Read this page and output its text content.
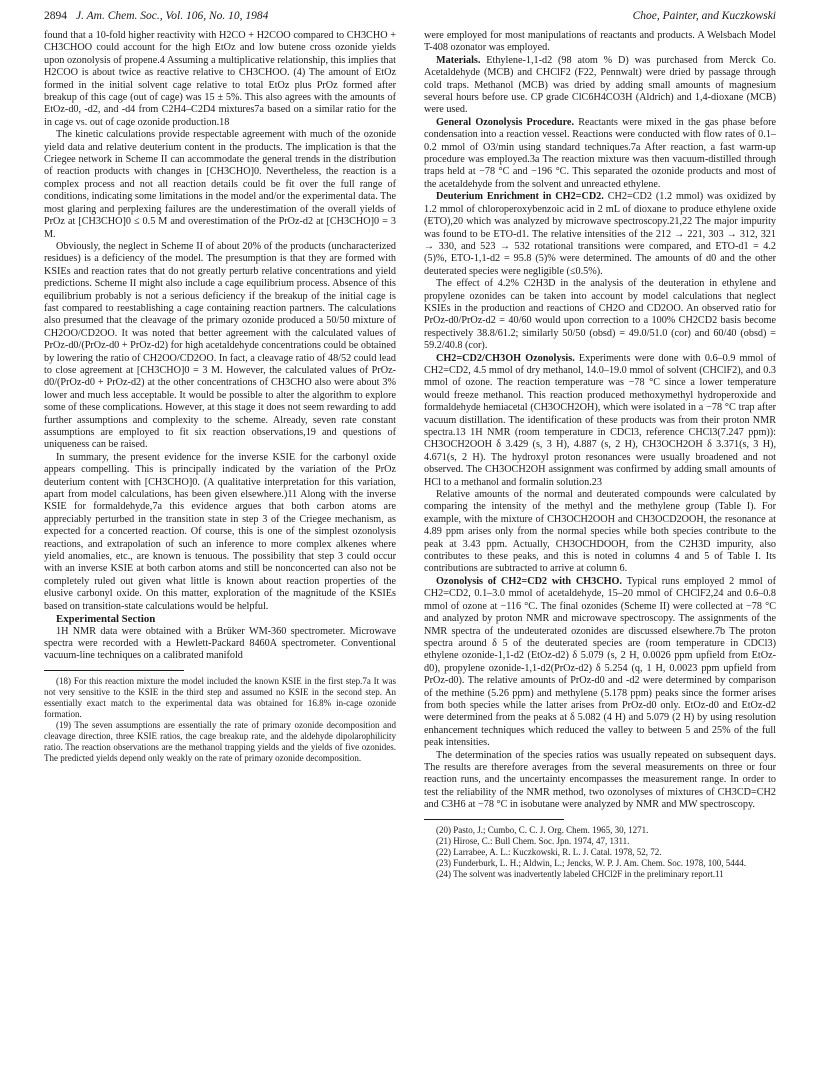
2894 J. Am. Chem. Soc., Vol. 106, No. 10, 1984	Choe, Painter, and Kuczkowski

found that a 10-fold higher reactivity with H2CO + H2COO compared to CH3CHO + CH3CHOO could account for the high EtOz and low butene cross ozonide yields upon ozonolysis of propene.4 Assuming a multiplicative relationship, this implies that H2COO is about twice as reactive relative to CH3CHOO. (4) The amount of EtOz formed in the initial solvent cage relative to total EtOz plus PrOz formed after breakup of this cage (out of cage) was 15 ± 5%. This also agrees with the amounts of EtOz-d0, -d2, and -d4 from C2H4–C2D4 mixtures7a based on a similar ratio for the in cage vs. out of cage ozonide production.18

The kinetic calculations provide respectable agreement with much of the ozonide yield data and relative deuterium content in the products. The implication is that the Criegee network in Scheme II can accommodate the general trends in the distribution of reaction products with changes in [CH3CHO]0. Nevertheless, the reaction is a complex process and not all reaction details could be fit over the full range of conditions, indicating some limitations in the model and/or the experimental data. The most glaring and perplexing failures are the underestimation of the overall yields of PrOz at [CH3CHO]0 ≤ 0.5 M and overestimation of the PrOz-d2 at [CH3CHO]0 = 3 M.

Obviously, the neglect in Scheme II of about 20% of the products (uncharacterized residues) is a deficiency of the model. The presumption is that they are formed with KSIEs and reaction rates that do not greatly perturb relative concentrations and yield predictions. Scheme II might also include a cage equilibrium process. Absence of this equilibrium probably is not a serious deficiency if the breakup of the initial cage is fast compared to reestablishing a cage containing reaction partners. The calculations also presumed that the cleavage of the primary ozonide produced a 50/50 mixture of CH2OO/CD2OO. It was noted that better agreement with the calculated values of PrOz-d0/(PrOz-d0 + PrOz-d2) for high acetaldehyde concentrations could be obtained by lowering the ratio of CH2OO/CD2OO. In fact, a cleavage ratio of 48/52 could lead to close agreement at [CH3CHO]0 = 3 M. However, the calculated values of PrOz-d0/(PrOz-d0 + PrOz-d2) at the other concentrations of CH3CHO also were about 3% lower and much less acceptable. It would be possible to alter the algorithm to explore some of these complications. However, at this stage it does not seem rewarding to add further assumptions and complexity to the scheme. Already, seven rate constant assumptions are employed to fit six reaction observations,19 and questions of uniqueness can be raised.

In summary, the present evidence for the inverse KSIE for the carbonyl oxide appears compelling. This is principally indicated by the variation of the PrOz deuterium content with [CH3CHO]0. (A qualitative interpretation for this variation, apart from model calculations, has been given elsewhere.)11 Along with the inverse KSIE for formaldehyde,7a this evidence argues that both carbon atoms are appreciably perturbed in the transition state in step 3 of the Criegee mechanism, as expected for a concerted reaction. Of course, this is one of the simplest ozonolysis reactions, and extrapolation of such an inference to more complex alkenes where yield anomalies, etc., are known is tenuous. The possibility that step 3 could occur with an inverse KSIE at both carbon atoms and still be nonconcerted can also not be completely ruled out given what little is known about reaction properties of the elusive carbonyl oxide. On this matter, exploration of the magnitude of the KSIEs based on transition-state calculations would be helpful.

Experimental Section

1H NMR data were obtained with a Brüker WM-360 spectrometer. Microwave spectra were recorded with a Hewlett-Packard 8460A spectrometer. Conventional vacuum-line techniques on a calibrated manifold

(18) For this reaction mixture the model included the known KSIE in the first step.7a It was not very sensitive to the KSIE in the third step and assumed no KSIE in the second step. An essentially exact match to the experimental data was obtained for 16.8% in-cage ozonide formation.

(19) The seven assumptions are essentially the rate of primary ozonide decomposition and cleavage direction, three KSIE ratios, the cage breakup rate, and the aldehyde dipolarophilicity ratio. The reaction observations are the methanol trapping yields and the yields of five ozonides. The predicted yields depend only weakly on the rate of primary ozonide decomposition.

were employed for most manipulations of reactants and products. A Welsbach Model T-408 ozonator was employed.

Materials. Ethylene-1,1-d2 (98 atom % D) was purchased from Merck Co. Acetaldehyde (MCB) and CHClF2 (F22, Pennwalt) were dried by passage through cold traps. Methanol (MCB) was dried by adding small amounts of magnesium several hours before use. CP grade ClC6H4CO3H (Aldrich) and 1,4-dioxane (MCB) were used.

General Ozonolysis Procedure. Reactants were mixed in the gas phase before condensation into a reaction vessel. Reactions were conducted with flow rates of 0.1–0.2 mmol of O3/min using standard techniques.7a After reaction, a fast warm-up procedure was employed.3a The reaction mixture was then vacuum-distilled through traps held at −78 °C and −196 °C. This separated the ozonide products and most of the acetaldehyde from the solvent and unreacted ethylene.

Deuterium Enrichment in CH2=CD2. CH2=CD2 (1.2 mmol) was oxidized by 1.2 mmol of chloroperoxybenzoic acid in 2 mL of dioxane to produce ethylene oxide (ETO),20 which was analyzed by microwave spectroscopy.21,22 The major impurity was found to be ETO-d1. The relative intensities of the 212 → 221, 303 → 312, 321 → 330, and 523 → 532 rotational transitions were compared, and ETO-d1 = 4.2 (5)%, ETO-1,1-d2 = 95.8 (5)% were determined. The amounts of d0 and the other deuterated species were negligible (≤0.5%).

The effect of 4.2% C2H3D in the analysis of the deuteration in ethylene and propylene ozonides can be taken into account by model calculations that neglect KSIEs in the production and reactions of CH2O and CD2OO. An observed ratio for PrOz-d0/PrOz-d2 = 40/60 would upon correction to a 100% CH2CD2 basis become respectively 38.8/61.2; similarly 50/50 (obsd) = 49.0/51.0 (cor) and 60/40 (obsd) = 59.2/40.8 (cor).

CH2=CD2/CH3OH Ozonolysis. Experiments were done with 0.6–0.9 mmol of CH2=CD2, 4.5 mmol of dry methanol, 14.0–19.0 mmol of solvent (CHClF2), and 0.3 mmol of ozone. The reaction temperature was −78 °C since a lower temperature would freeze methanol. This reaction produced methoxymethyl hydroperoxide and formaldehyde hemiacetal (CH3OCH2OH), which were isolated in a −78 °C trap after vacuum distillation. The identification of these products was from their proton NMR spectra.13 1H NMR (room temperature in CDCl3, reference CHCl3(7.247 ppm)): CH3OCH2OOH δ 3.429 (s, 3 H), 4.887 (s, 2 H), CH3OCH2OH δ 3.371(s, 3 H), 4.671(s, 2 H). The hydroxyl proton resonances were usually broadened and not observed. The CH3OCH2OH assignment was confirmed by adding small amounts of HCl to a methanol and formalin solution.23

Relative amounts of the normal and deuterated compounds were calculated by comparing the intensity of the methyl and the methylene group (Table I). For example, with the mixture of CH3OCH2OOH and CH3OCD2OOH, the resonance at 4.89 ppm arises only from the normal species while both species contribute to the peak at 3.43 ppm. Actually, CH3OCHDOOH, from the C2H3D impurity, also contributes to these peaks, and this is noted in columns 4 and 5 of Table I. Its contributions are subtracted to arrive at column 6.

Ozonolysis of CH2=CD2 with CH3CHO. Typical runs employed 2 mmol of CH2=CD2, 0.1–3.0 mmol of acetaldehyde, 15–20 mmol of CHClF2,24 and 0.6–0.8 mmol of ozone at −116 °C. The final ozonides (Scheme II) were collected at −78 °C and analyzed by proton NMR and microwave spectroscopy. The assignments of the NMR spectra of the undeuterated ozonides are discussed elsewhere.7b The proton spectra around δ 5 of the deuterated species are (room temperature in CDCl3) ethylene ozonide-1,1-d2 (EtOz-d2) δ 5.079 (s, 2 H, 0.0026 ppm upfield from EtOz-d0), propylene ozonide-1,1-d2(PrOz-d2) δ 5.254 (q, 1 H, 0.0023 ppm upfield from PrOz-d0). The relative amounts of PrOz-d0 and -d2 were determined by comparison of the methine (5.26 ppm) and methylene (5.178 ppm) peaks since the former arises from both species while the latter arises from PrOz-d0 only. EtOz-d0 and EtOz-d2 were determined from the peaks at δ 5.082 (4 H) and 5.079 (2 H) by using resolution enhancement techniques which reduced the valley to between 5 and 25% of the full peak intensities.

The determination of the species ratios was usually repeated on subsequent days. The results are therefore averages from the several measurements on three or four reaction runs, and the uncertainty encompasses the measurement range. In order to test the reliability of the NMR method, two ozonolyses of mixtures of CH3CD=CH2 and C3H6 at −78 °C in isobutane were analyzed by NMR and MW spectroscopy.

(20) Pasto, J.; Cumbo, C. C. J. Org. Chem. 1965, 30, 1271.

(21) Hirose, C.: Bull Chem. Soc. Jpn. 1974, 47, 1311.

(22) Larrabee, A. L.: Kuczkowski, R. L. J. Catal. 1978, 52, 72.

(23) Funderburk, L. H.; Aldwin, L.; Jencks, W. P. J. Am. Chem. Soc. 1978, 100, 5444.

(24) The solvent was inadvertently labeled CHCl2F in the preliminary report.11
